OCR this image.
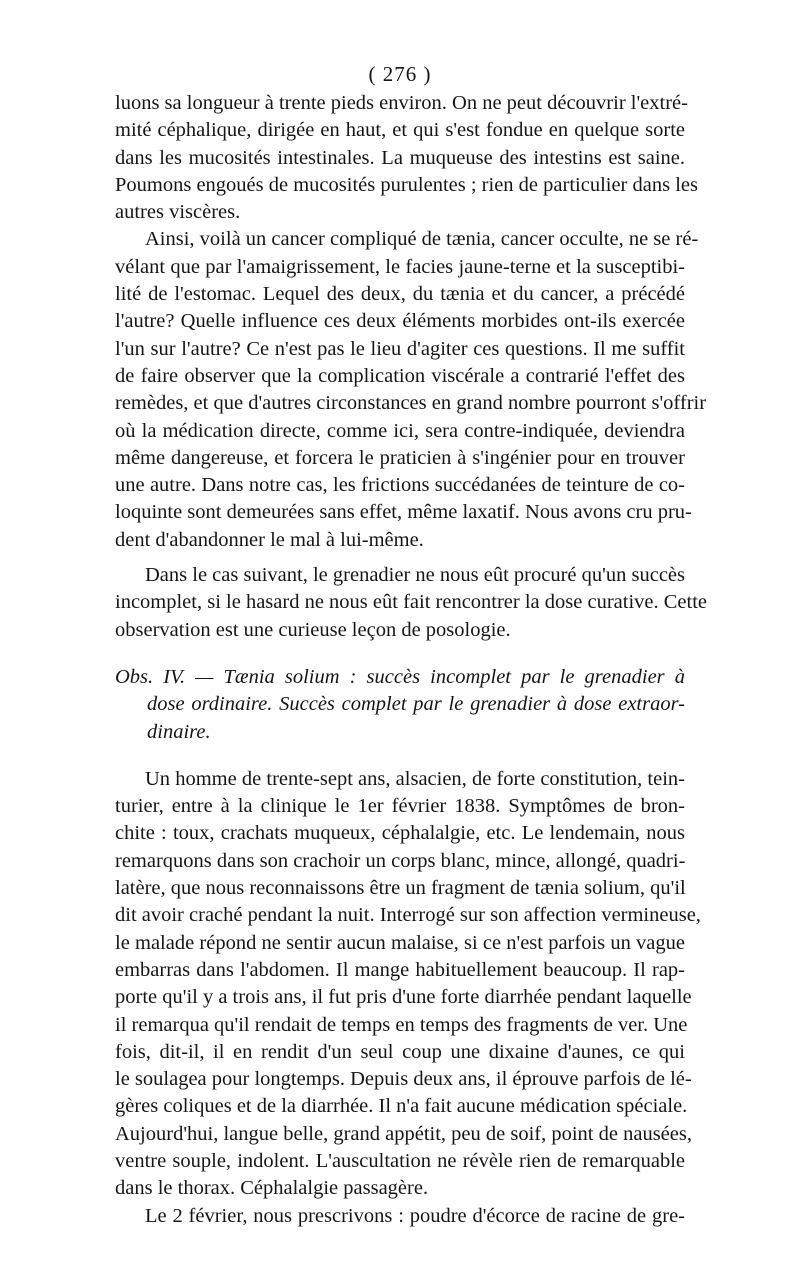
( 276 )
luons sa longueur à trente pieds environ. On ne peut découvrir l'extré-
mité céphalique, dirigée en haut, et qui s'est fondue en quelque sorte
dans les mucosités intestinales. La muqueuse des intestins est saine.
Poumons engoués de mucosités purulentes ; rien de particulier dans les
autres viscères.
Ainsi, voilà un cancer compliqué de tænia, cancer occulte, ne se ré-
vélant que par l'amaigrissement, le facies jaune-terne et la susceptibi-
lité de l'estomac. Lequel des deux, du tænia et du cancer, a précédé
l'autre? Quelle influence ces deux éléments morbides ont-ils exercée
l'un sur l'autre? Ce n'est pas le lieu d'agiter ces questions. Il me suffit
de faire observer que la complication viscérale a contrarié l'effet des
remèdes, et que d'autres circonstances en grand nombre pourront s'offrir
où la médication directe, comme ici, sera contre-indiquée, deviendra
même dangereuse, et forcera le praticien à s'ingénier pour en trouver
une autre. Dans notre cas, les frictions succédanées de teinture de co-
loquinte sont demeurées sans effet, même laxatif. Nous avons cru pru-
dent d'abandonner le mal à lui-même.
Dans le cas suivant, le grenadier ne nous eût procuré qu'un succès
incomplet, si le hasard ne nous eût fait rencontrer la dose curative. Cette
observation est une curieuse leçon de posologie.
Obs. IV. — Tænia solium : succès incomplet par le grenadier à
dose ordinaire. Succès complet par le grenadier à dose extraor-
dinaire.
Un homme de trente-sept ans, alsacien, de forte constitution, tein-
turier, entre à la clinique le 1er février 1838. Symptômes de bron-
chite : toux, crachats muqueux, céphalalgie, etc. Le lendemain, nous
remarquons dans son crachoir un corps blanc, mince, allongé, quadri-
latère, que nous reconnaissons être un fragment de tænia solium, qu'il
dit avoir craché pendant la nuit. Interrogé sur son affection vermineuse,
le malade répond ne sentir aucun malaise, si ce n'est parfois un vague
embarras dans l'abdomen. Il mange habituellement beaucoup. Il rap-
porte qu'il y a trois ans, il fut pris d'une forte diarrhée pendant laquelle
il remarqua qu'il rendait de temps en temps des fragments de ver. Une
fois, dit-il, il en rendit d'un seul coup une dixaine d'aunes, ce qui
le soulagea pour longtemps. Depuis deux ans, il éprouve parfois de lé-
gères coliques et de la diarrhée. Il n'a fait aucune médication spéciale.
Aujourd'hui, langue belle, grand appétit, peu de soif, point de nausées,
ventre souple, indolent. L'auscultation ne révèle rien de remarquable
dans le thorax. Céphalalgie passagère.
Le 2 février, nous prescrivons : poudre d'écorce de racine de gre-
